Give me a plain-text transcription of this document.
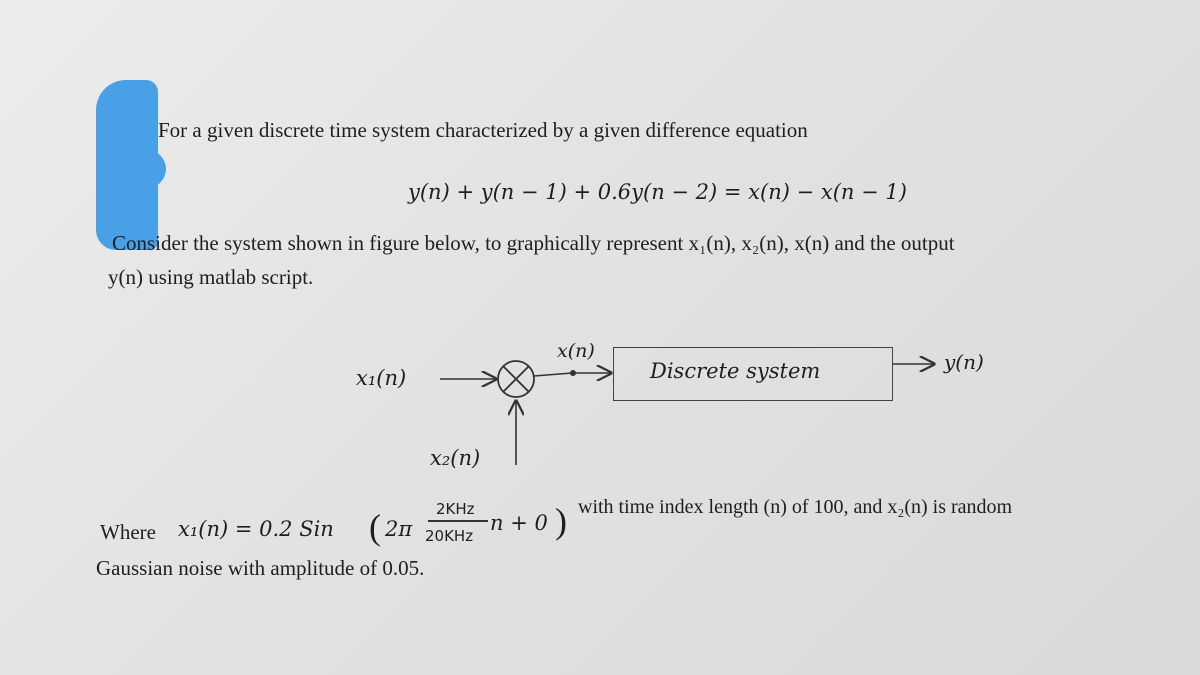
For a given discrete time system characterized by a given difference equation
y(n) + y(n − 1) + 0.6y(n − 2) = x(n) − x(n − 1)
Consider the system shown in figure below, to graphically represent x₁(n), x₂(n), x(n) and the output
y(n) using matlab script.
Discrete system
x₁(n)
x₂(n)
x(n)	y(n)
Where x₁(n) = 0.2 Sin ( 2π
2KHz
20KHz
n + 0 ) with time index length (n) of 100, and x₂(n) is random
Gaussian noise with amplitude of 0.05.
